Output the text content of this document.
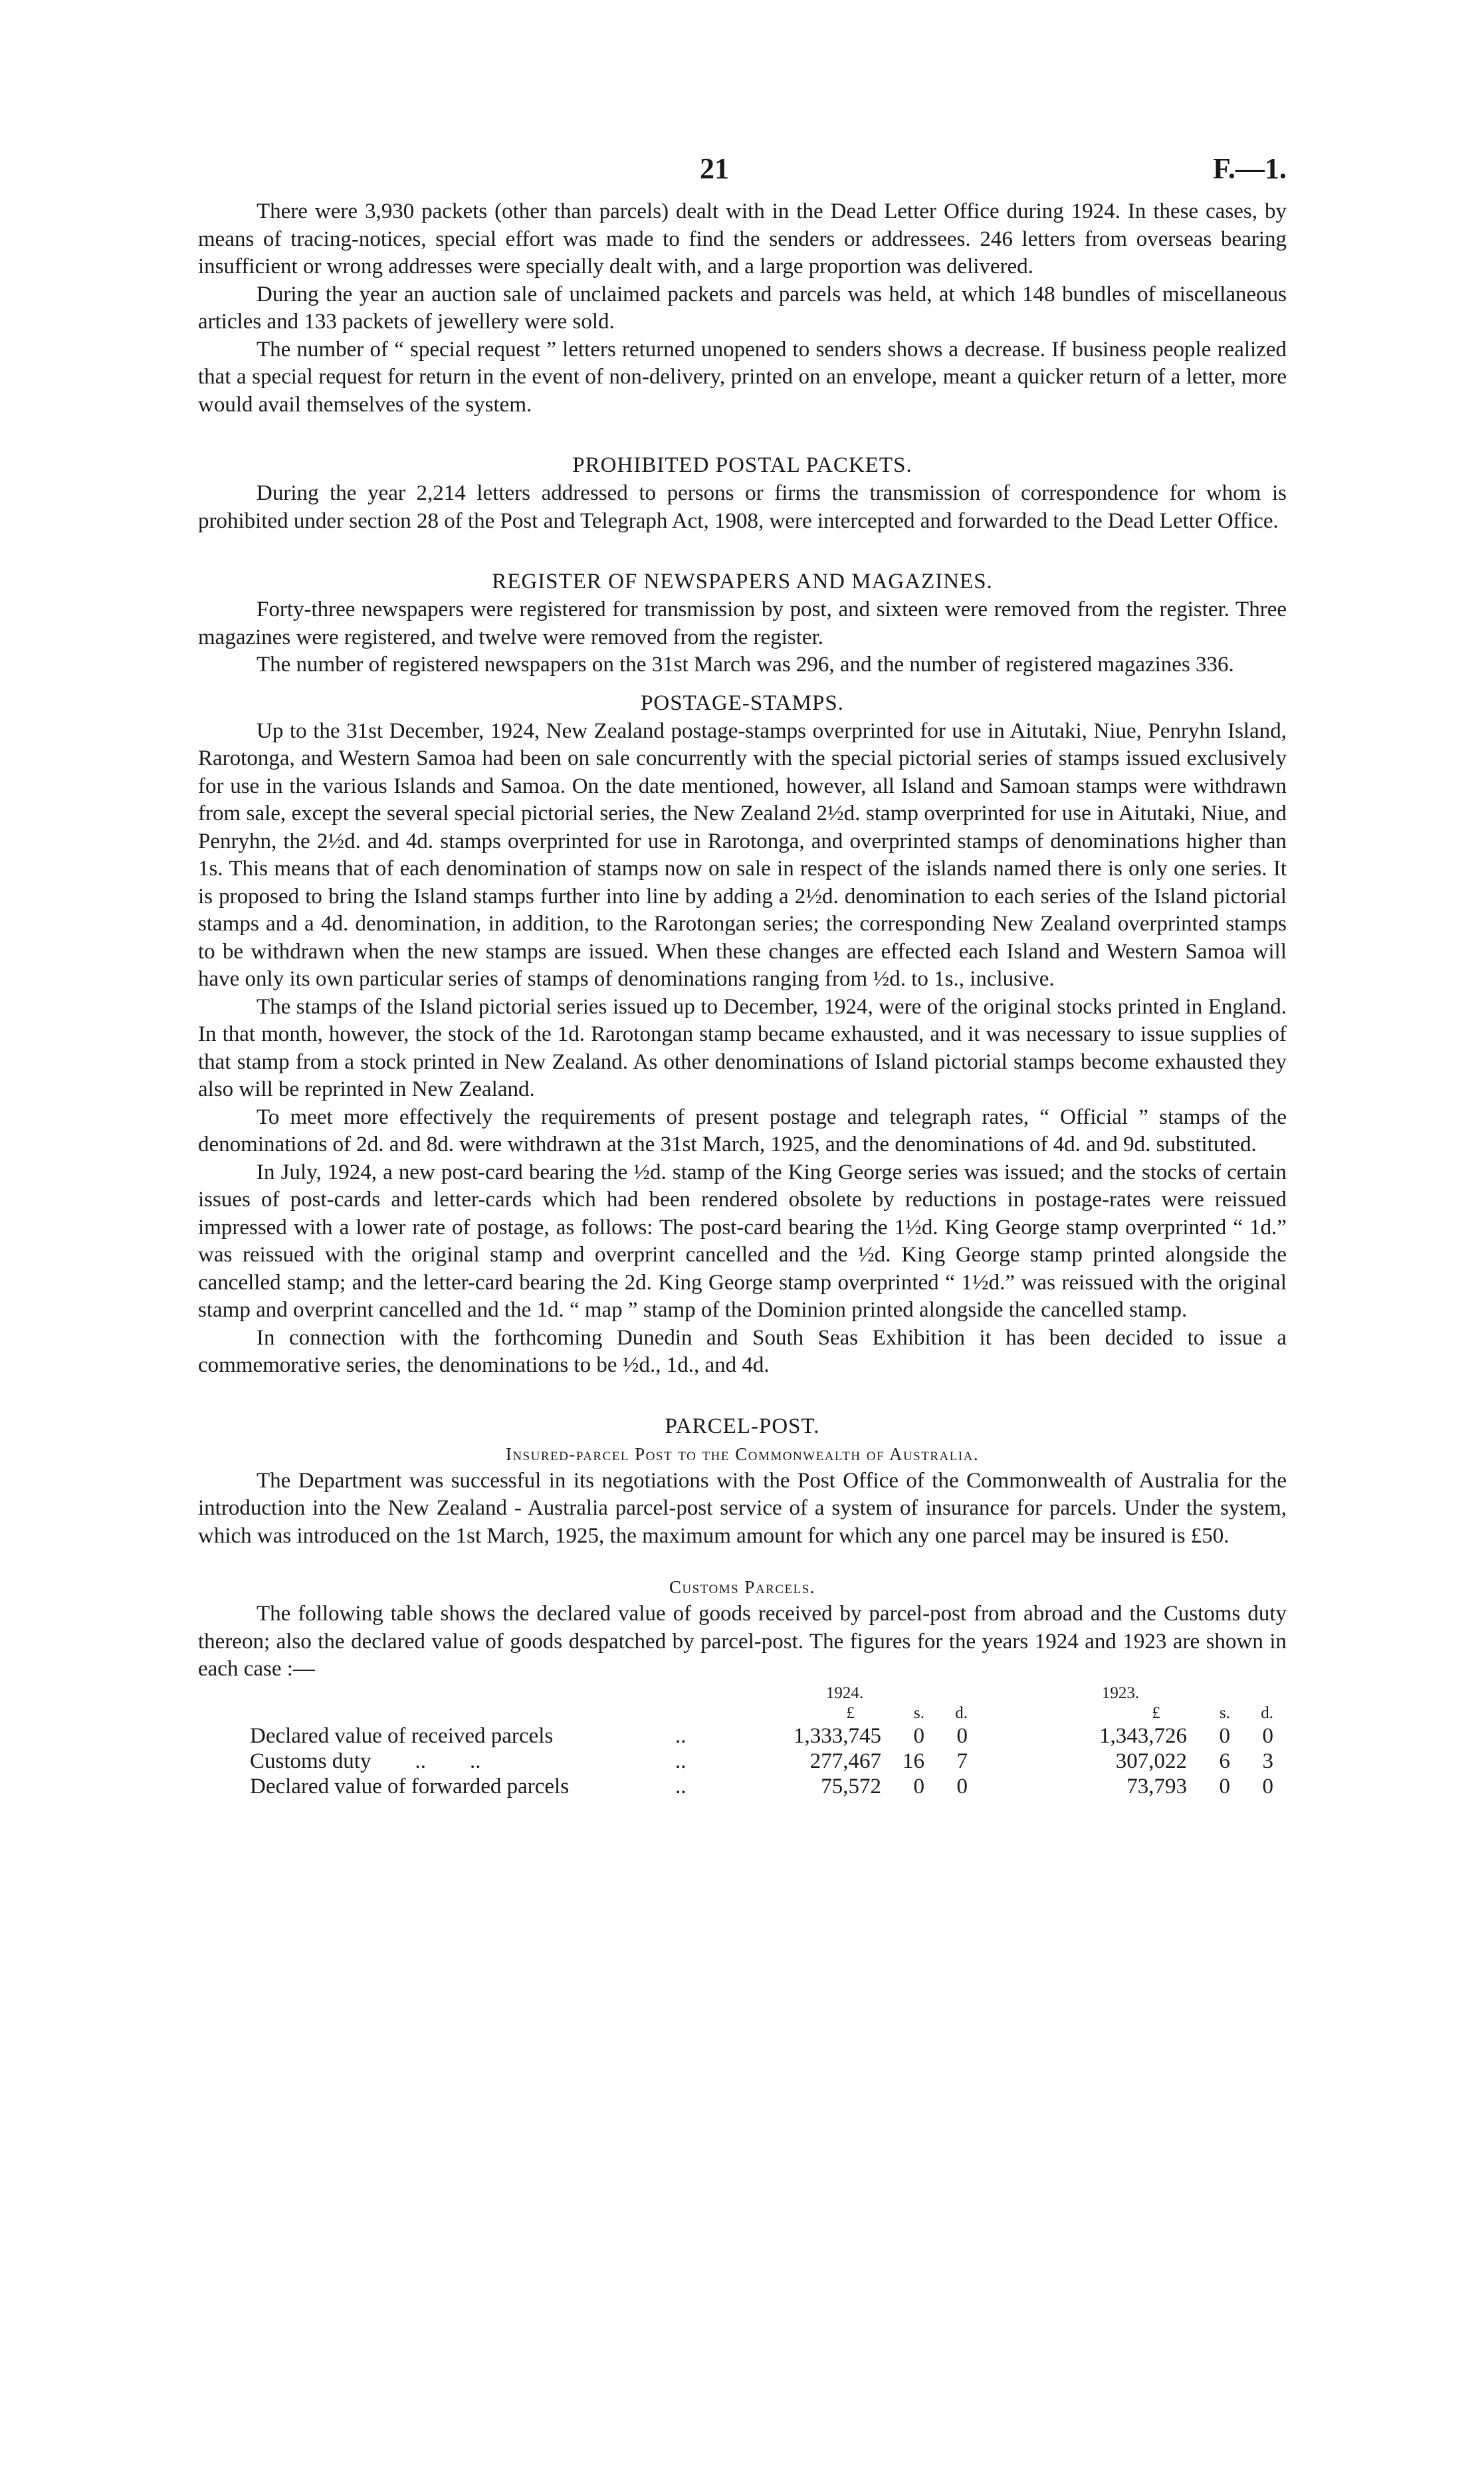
21	F.—1.

There were 3,930 packets (other than parcels) dealt with in the Dead Letter Office during 1924. In these cases, by means of tracing-notices, special effort was made to find the senders or addressees. 246 letters from overseas bearing insufficient or wrong addresses were specially dealt with, and a large proportion was delivered.

During the year an auction sale of unclaimed packets and parcels was held, at which 148 bundles of miscellaneous articles and 133 packets of jewellery were sold.

The number of “ special request ” letters returned unopened to senders shows a decrease. If business people realized that a special request for return in the event of non-delivery, printed on an envelope, meant a quicker return of a letter, more would avail themselves of the system.

PROHIBITED POSTAL PACKETS.

During the year 2,214 letters addressed to persons or firms the transmission of correspondence for whom is prohibited under section 28 of the Post and Telegraph Act, 1908, were intercepted and forwarded to the Dead Letter Office.

REGISTER OF NEWSPAPERS AND MAGAZINES.

Forty-three newspapers were registered for transmission by post, and sixteen were removed from the register. Three magazines were registered, and twelve were removed from the register.

The number of registered newspapers on the 31st March was 296, and the number of registered magazines 336.

POSTAGE-STAMPS.

Up to the 31st December, 1924, New Zealand postage-stamps overprinted for use in Aitutaki, Niue, Penryhn Island, Rarotonga, and Western Samoa had been on sale concurrently with the special pictorial series of stamps issued exclusively for use in the various Islands and Samoa. On the date mentioned, however, all Island and Samoan stamps were withdrawn from sale, except the several special pictorial series, the New Zealand 2½d. stamp overprinted for use in Aitutaki, Niue, and Penryhn, the 2½d. and 4d. stamps overprinted for use in Rarotonga, and overprinted stamps of denominations higher than 1s. This means that of each denomination of stamps now on sale in respect of the islands named there is only one series. It is proposed to bring the Island stamps further into line by adding a 2½d. denomination to each series of the Island pictorial stamps and a 4d. denomination, in addition, to the Rarotongan series; the corresponding New Zealand overprinted stamps to be withdrawn when the new stamps are issued. When these changes are effected each Island and Western Samoa will have only its own particular series of stamps of denominations ranging from ½d. to 1s., inclusive.

The stamps of the Island pictorial series issued up to December, 1924, were of the original stocks printed in England. In that month, however, the stock of the 1d. Rarotongan stamp became exhausted, and it was necessary to issue supplies of that stamp from a stock printed in New Zealand. As other denominations of Island pictorial stamps become exhausted they also will be reprinted in New Zealand.

To meet more effectively the requirements of present postage and telegraph rates, “ Official ” stamps of the denominations of 2d. and 8d. were withdrawn at the 31st March, 1925, and the denominations of 4d. and 9d. substituted.

In July, 1924, a new post-card bearing the ½d. stamp of the King George series was issued; and the stocks of certain issues of post-cards and letter-cards which had been rendered obsolete by reductions in postage-rates were reissued impressed with a lower rate of postage, as follows: The post-card bearing the 1½d. King George stamp overprinted “ 1d.” was reissued with the original stamp and overprint cancelled and the ½d. King George stamp printed alongside the cancelled stamp; and the letter-card bearing the 2d. King George stamp overprinted “ 1½d.” was reissued with the original stamp and overprint cancelled and the 1d. “ map ” stamp of the Dominion printed alongside the cancelled stamp.

In connection with the forthcoming Dunedin and South Seas Exhibition it has been decided to issue a commemorative series, the denominations to be ½d., 1d., and 4d.

PARCEL-POST.
Insured-parcel Post to the Commonwealth of Australia.

The Department was successful in its negotiations with the Post Office of the Commonwealth of Australia for the introduction into the New Zealand - Australia parcel-post service of a system of insurance for parcels. Under the system, which was introduced on the 1st March, 1925, the maximum amount for which any one parcel may be insured is £50.

Customs Parcels.

The following table shows the declared value of goods received by parcel-post from abroad and the Customs duty thereon; also the declared value of goods despatched by parcel-post. The figures for the years 1924 and 1923 are shown in each case :—

		1924.			1923.		
		£	s.	d.	£	s.	d.
Declared value of received parcels	..	1,333,745	0	0	1,343,726	0	0
Customs duty        ..        ..	..	277,467	16	7	307,022	6	3
Declared value of forwarded parcels	..	75,572	0	0	73,793	0	0
